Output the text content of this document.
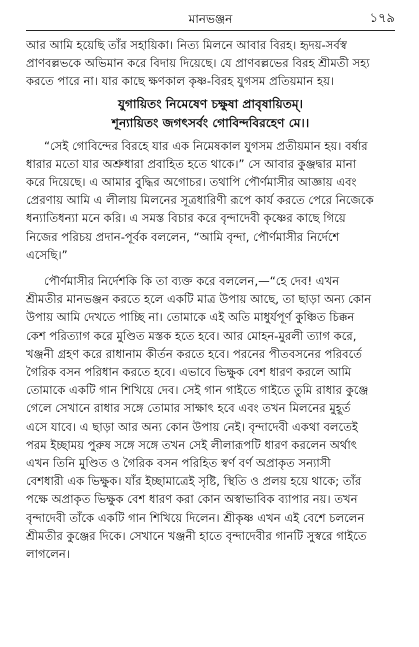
মানভঞ্জন	১৭৯

আর আমি হয়েছি তাঁর সহায়িকা। নিত্য মিলনে আবার বিরহ। হৃদয়-সর্বস্ব
প্রাণবল্লভকে অভিমান করে বিদায় দিয়েছে। যে প্রাণবল্লভের বিরহ শ্রীমতী সহ্য
করতে পারে না। যার কাছে ক্ষণকাল কৃষ্ণ-বিরহ যুগসম প্রতিয়মান হয়।

যুগায়িতং নিমেষেণ চক্ষুষা প্রাবৃষায়িতম্।
শূন্যায়িতং জগৎসর্বং গোবিন্দবিরহেণ মে।।

“সেই গোবিন্দের বিরহে যার এক নিমেষকাল যুগসম প্রতীয়মান হয়। বর্ষার
ধারার মতো যার অশ্রুধারা প্রবাহিত হতে থাকে।” সে আবার কুঞ্জদ্বার মানা
করে দিয়েছে। এ আমার বুদ্ধির অগোচর। তথাপি পৌর্ণমাসীর আজ্ঞায় এবং
প্রেরণায় আমি এ লীলায় মিলনের সূত্রধারিণী রূপে কার্য করতে পেরে নিজেকে
ধন্যাতিধন্যা মনে করি। এ সমস্ত বিচার করে বৃন্দাদেবী কৃষ্ণের কাছে গিয়ে
নিজের পরিচয় প্রদান-পূর্বক বললেন, “আমি বৃন্দা, পৌর্ণমাসীর নির্দেশে
এসেছি।”

পৌর্ণমাসীর নির্দেশকি কি তা ব্যক্ত করে বললেন,—“হে দেব! এখন
শ্রীমতীর মানভঞ্জন করতে হলে একটি মাত্র উপায় আছে, তা ছাড়া অন্য কোন
উপায় আমি দেখতে পাচ্ছি না। তোমাকে এই অতি মাধুর্যপূর্ণ কুঞ্চিত চিক্কন
কেশ পরিত্যাগ করে মুণ্ডিত মস্তক হতে হবে। আর মোহন-মুরলী ত্যাগ করে,
খঞ্জনী গ্রহণ করে রাধানাম কীর্তন করতে হবে। পরনের পীতবসনের পরিবর্তে
গৈরিক বসন পরিধান করতে হবে। এভাবে ভিক্ষুক বেশ ধারণ করলে আমি
তোমাকে একটি গান শিখিয়ে দেব। সেই গান গাইতে গাইতে তুমি রাধার কুঞ্জে
গেলে সেখানে রাধার সঙ্গে তোমার সাক্ষাৎ হবে এবং তখন মিলনের মুহূর্ত
এসে যাবে। এ ছাড়া আর অন্য কোন উপায় নেই। বৃন্দাদেবী একথা বলতেই
পরম ইচ্ছাময় পুরুষ সঙ্গে সঙ্গে তখন সেই লীলারূপটি ধারণ করলেন অর্থাৎ
এখন তিনি মুণ্ডিত ও গৈরিক বসন পরিহিত স্বর্ণ বর্ণ অপ্রাকৃত সন্যাসী
বেশধারী এক ভিক্ষুক। যাঁর ইচ্ছামাত্রেই সৃষ্টি, স্থিতি ও প্রলয় হয়ে থাকে; তাঁর
পক্ষে অপ্রাকৃত ভিক্ষুক বেশ ধারণ করা কোন অস্বাভাবিক ব্যাপার নয়। তখন
বৃন্দাদেবী তাঁকে একটি গান শিখিয়ে দিলেন। শ্রীকৃষ্ণ এখন এই বেশে চললেন
শ্রীমতীর কুঞ্জের দিকে। সেখানে খঞ্জনী হাতে বৃন্দাদেবীর গানটি সুস্বরে গাইতে
লাগলেন।
